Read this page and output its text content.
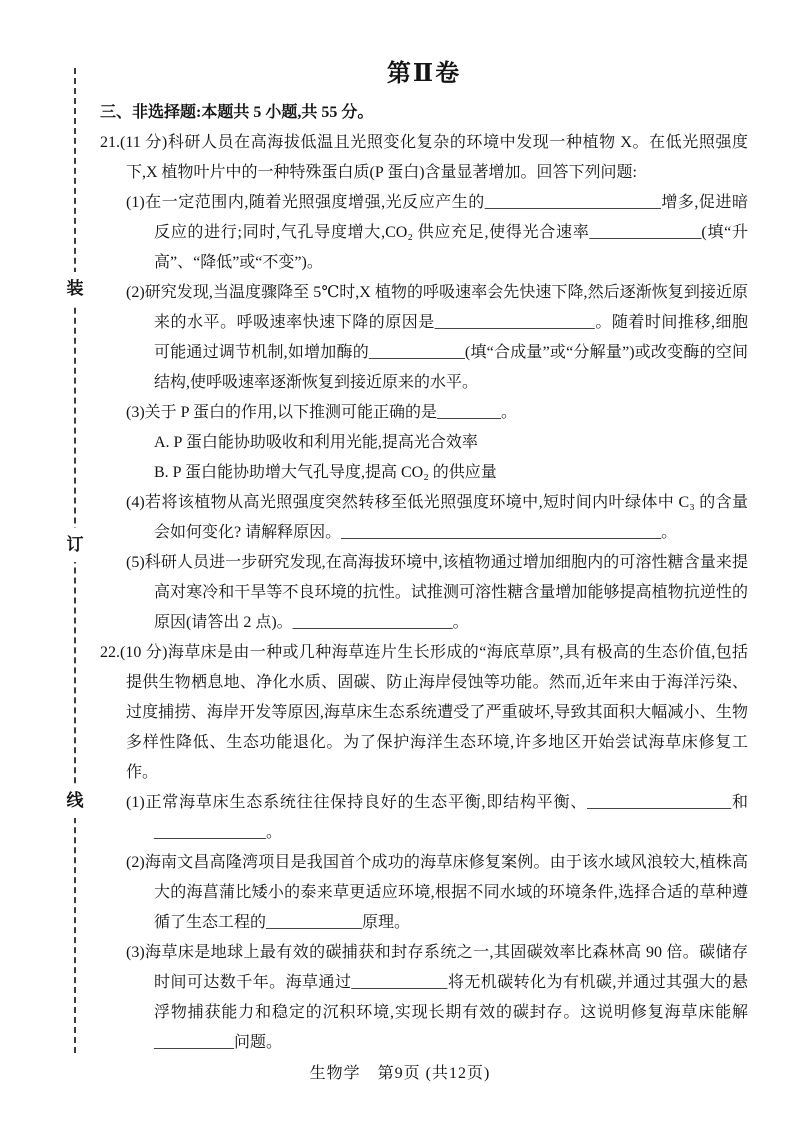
装
订
线
第Ⅱ卷

三、非选择题:本题共 5 小题,共 55 分。

21.(11 分)科研人员在高海拔低温且光照变化复杂的环境中发现一种植物 X。在低光照强度下,X 植物叶片中的一种特殊蛋白质(P 蛋白)含量显著增加。回答下列问题:

(1)在一定范围内,随着光照强度增强,光反应产生的______________________增多,促进暗反应的进行;同时,气孔导度增大,CO₂ 供应充足,使得光合速率______________(填“升高”、“降低”或“不变”)。

(2)研究发现,当温度骤降至 5℃时,X 植物的呼吸速率会先快速下降,然后逐渐恢复到接近原来的水平。呼吸速率快速下降的原因是____________________。随着时间推移,细胞可能通过调节机制,如增加酶的____________(填“合成量”或“分解量”)或改变酶的空间结构,使呼吸速率逐渐恢复到接近原来的水平。

(3)关于 P 蛋白的作用,以下推测可能正确的是________。

A. P 蛋白能协助吸收和利用光能,提高光合效率

B. P 蛋白能协助增大气孔导度,提高 CO₂ 的供应量

(4)若将该植物从高光照强度突然转移至低光照强度环境中,短时间内叶绿体中 C₃ 的含量会如何变化? 请解释原因。________________________________________。

(5)科研人员进一步研究发现,在高海拔环境中,该植物通过增加细胞内的可溶性糖含量来提高对寒冷和干旱等不良环境的抗性。试推测可溶性糖含量增加能够提高植物抗逆性的原因(请答出 2 点)。____________________。

22.(10 分)海草床是由一种或几种海草连片生长形成的“海底草原”,具有极高的生态价值,包括提供生物栖息地、净化水质、固碳、防止海岸侵蚀等功能。然而,近年来由于海洋污染、过度捕捞、海岸开发等原因,海草床生态系统遭受了严重破坏,导致其面积大幅减小、生物多样性降低、生态功能退化。为了保护海洋生态环境,许多地区开始尝试海草床修复工作。

(1)正常海草床生态系统往往保持良好的生态平衡,即结构平衡、__________________和______________。

(2)海南文昌高隆湾项目是我国首个成功的海草床修复案例。由于该水域风浪较大,植株高大的海菖蒲比矮小的泰来草更适应环境,根据不同水域的环境条件,选择合适的草种遵循了生态工程的____________原理。

(3)海草床是地球上最有效的碳捕获和封存系统之一,其固碳效率比森林高 90 倍。碳储存时间可达数千年。海草通过____________将无机碳转化为有机碳,并通过其强大的悬浮物捕获能力和稳定的沉积环境,实现长期有效的碳封存。这说明修复海草床能解__________问题。

生物学　第9页 (共12页)
